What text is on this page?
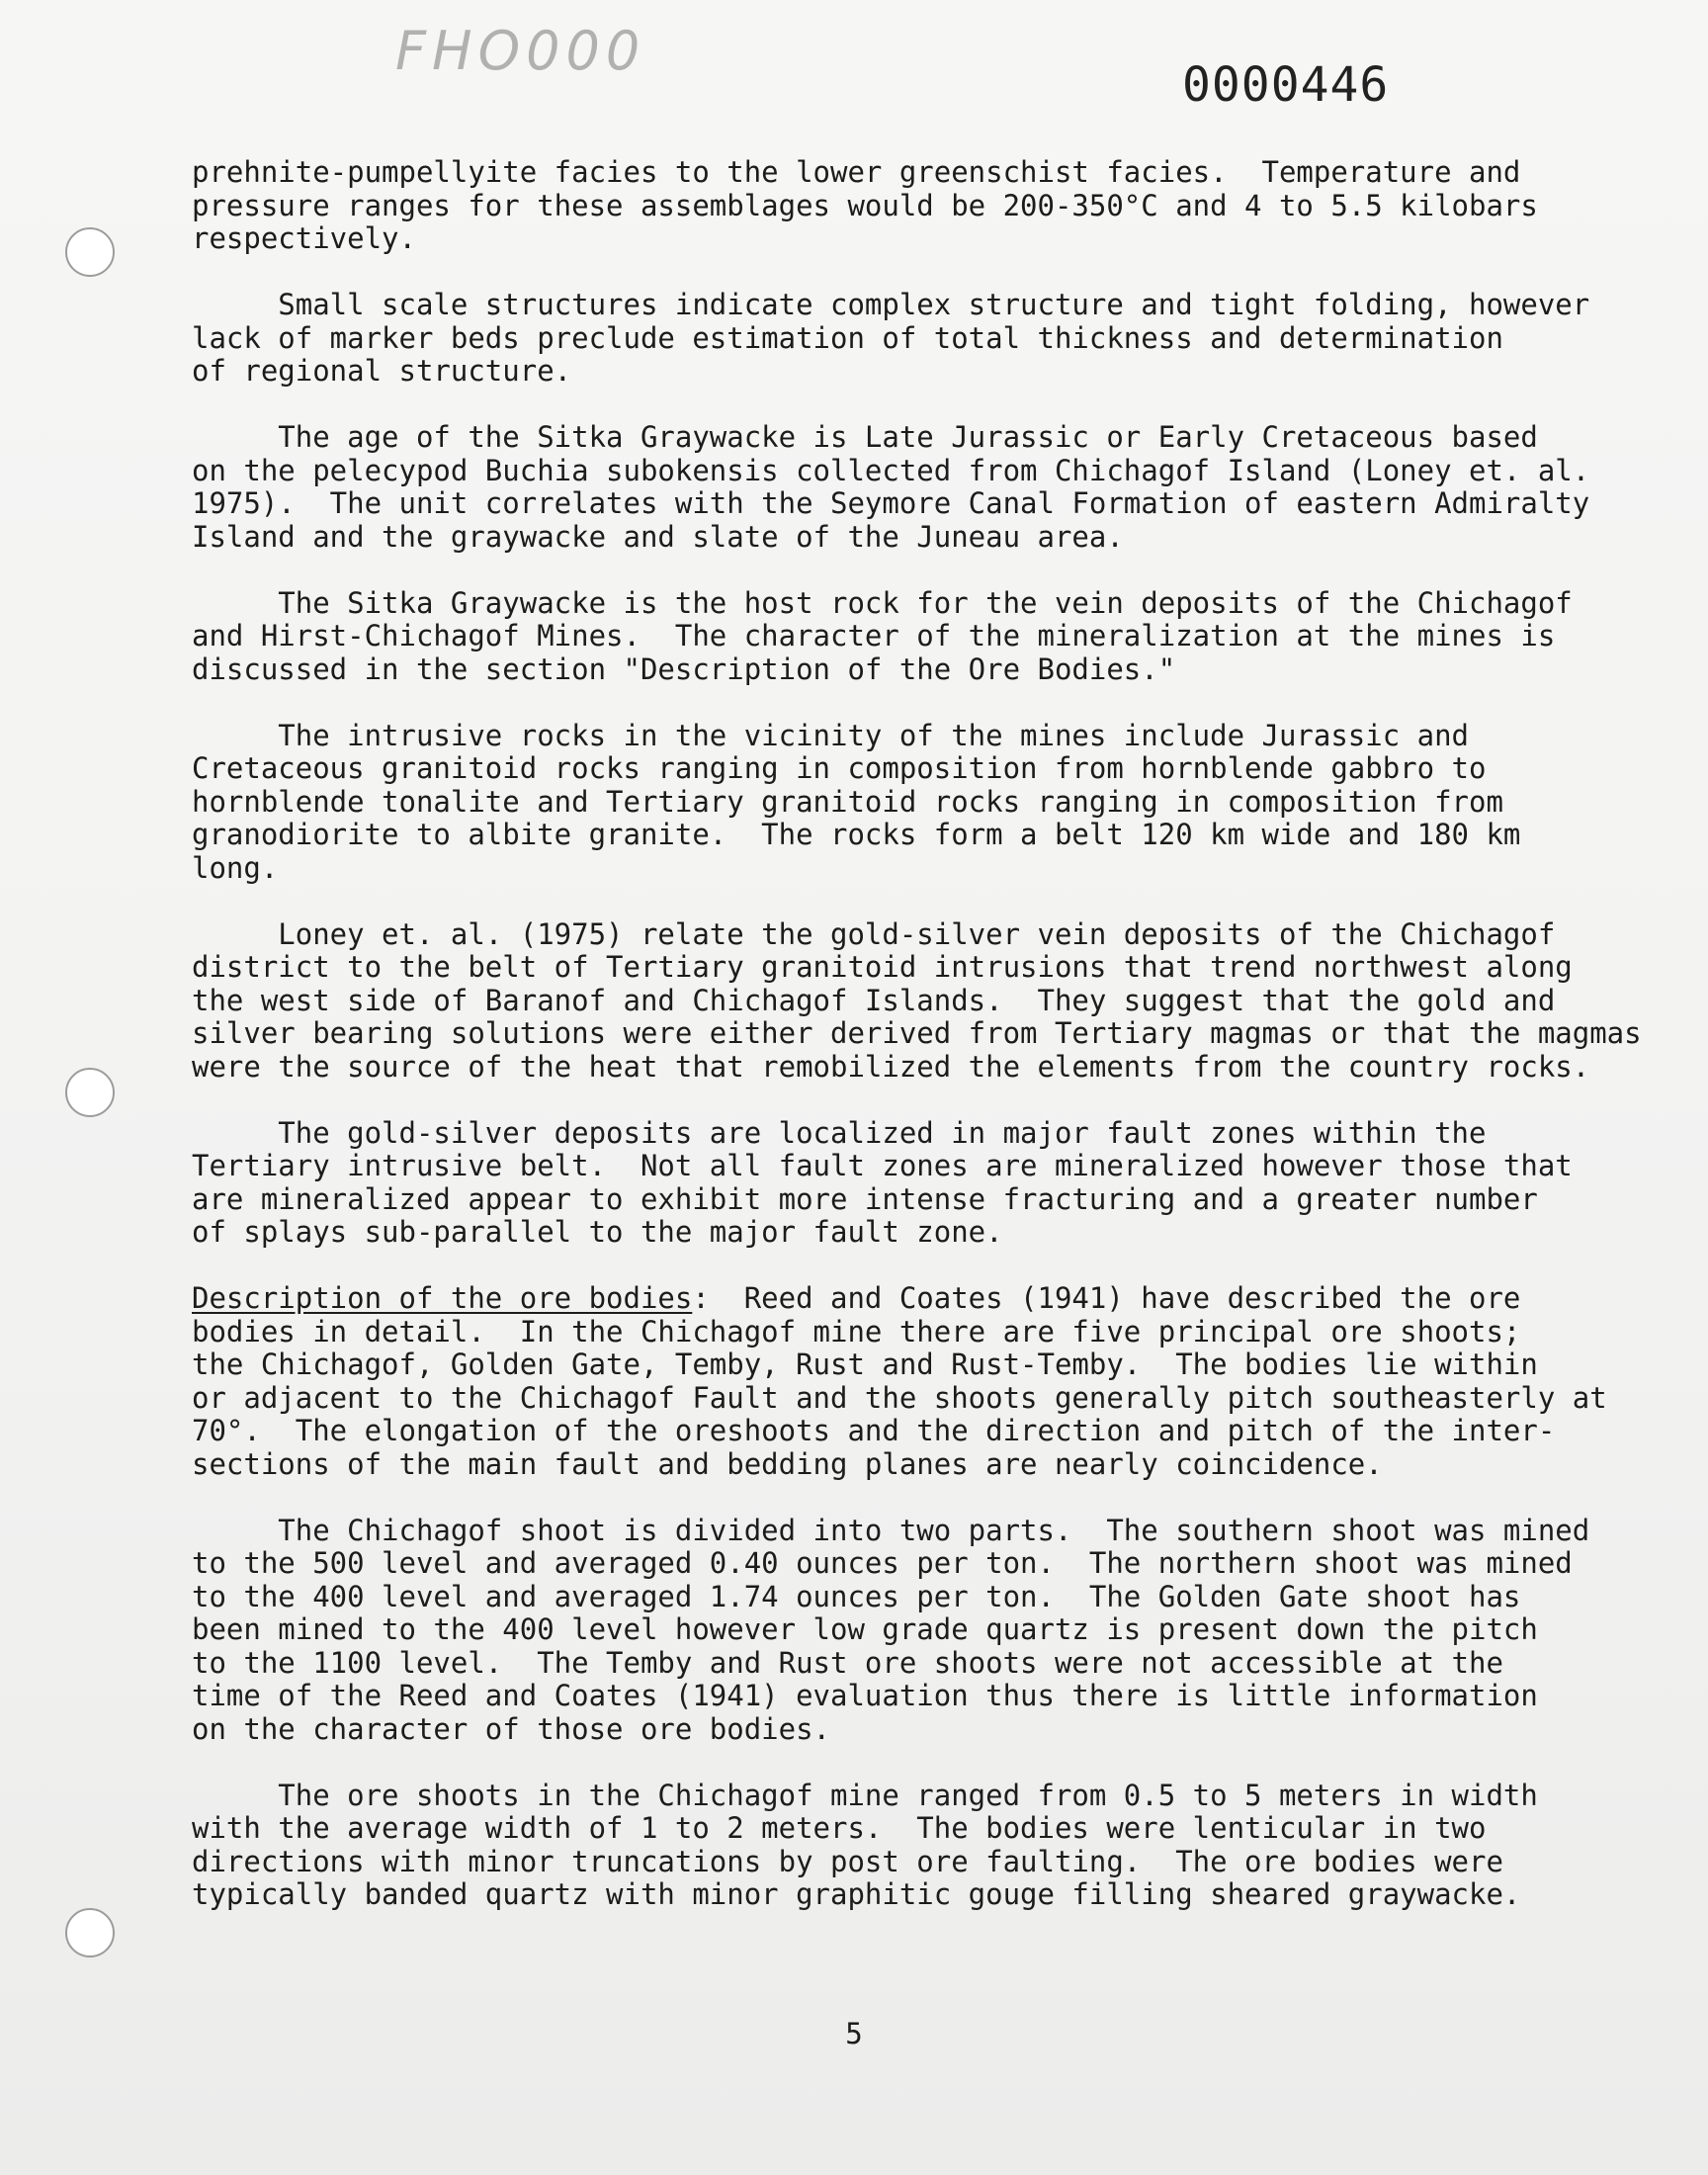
FHO000
0000446
prehnite-pumpellyite facies to the lower greenschist facies.  Temperature and
pressure ranges for these assemblages would be 200-350°C and 4 to 5.5 kilobars
respectively.
Small scale structures indicate complex structure and tight folding, however
lack of marker beds preclude estimation of total thickness and determination
of regional structure.
The age of the Sitka Graywacke is Late Jurassic or Early Cretaceous based
on the pelecypod Buchia subokensis collected from Chichagof Island (Loney et. al.
1975).  The unit correlates with the Seymore Canal Formation of eastern Admiralty
Island and the graywacke and slate of the Juneau area.
The Sitka Graywacke is the host rock for the vein deposits of the Chichagof
and Hirst-Chichagof Mines.  The character of the mineralization at the mines is
discussed in the section "Description of the Ore Bodies."
The intrusive rocks in the vicinity of the mines include Jurassic and
Cretaceous granitoid rocks ranging in composition from hornblende gabbro to
hornblende tonalite and Tertiary granitoid rocks ranging in composition from
granodiorite to albite granite.  The rocks form a belt 120 km wide and 180 km
long.
Loney et. al. (1975) relate the gold-silver vein deposits of the Chichagof
district to the belt of Tertiary granitoid intrusions that trend northwest along
the west side of Baranof and Chichagof Islands.  They suggest that the gold and
silver bearing solutions were either derived from Tertiary magmas or that the magmas
were the source of the heat that remobilized the elements from the country rocks.
The gold-silver deposits are localized in major fault zones within the
Tertiary intrusive belt.  Not all fault zones are mineralized however those that
are mineralized appear to exhibit more intense fracturing and a greater number
of splays sub-parallel to the major fault zone.
Description of the ore bodies:  Reed and Coates (1941) have described the ore
bodies in detail.  In the Chichagof mine there are five principal ore shoots;
the Chichagof, Golden Gate, Temby, Rust and Rust-Temby.  The bodies lie within
or adjacent to the Chichagof Fault and the shoots generally pitch southeasterly at
70°.  The elongation of the oreshoots and the direction and pitch of the inter-
sections of the main fault and bedding planes are nearly coincidence.
The Chichagof shoot is divided into two parts.  The southern shoot was mined
to the 500 level and averaged 0.40 ounces per ton.  The northern shoot was mined
to the 400 level and averaged 1.74 ounces per ton.  The Golden Gate shoot has
been mined to the 400 level however low grade quartz is present down the pitch
to the 1100 level.  The Temby and Rust ore shoots were not accessible at the
time of the Reed and Coates (1941) evaluation thus there is little information
on the character of those ore bodies.
The ore shoots in the Chichagof mine ranged from 0.5 to 5 meters in width
with the average width of 1 to 2 meters.  The bodies were lenticular in two
directions with minor truncations by post ore faulting.  The ore bodies were
typically banded quartz with minor graphitic gouge filling sheared graywacke.
5
